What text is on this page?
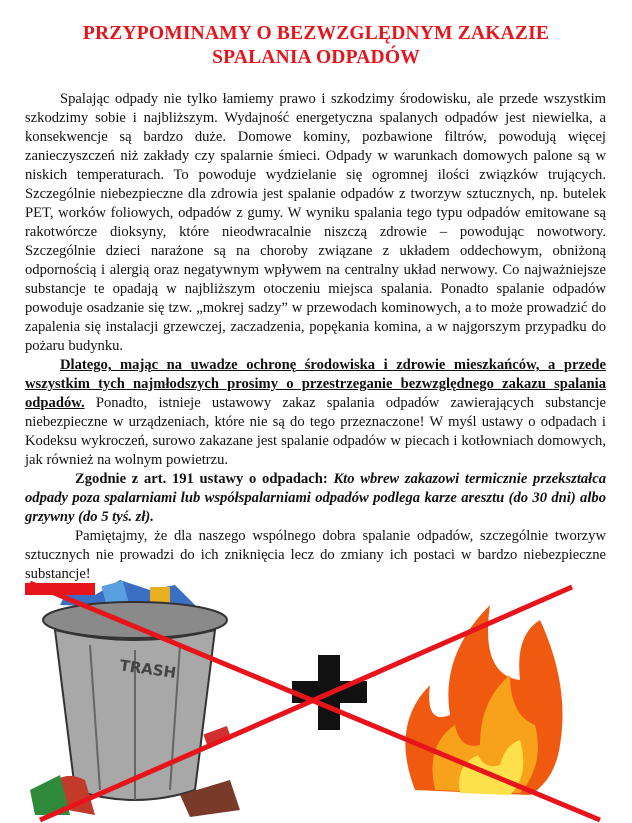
PRZYPOMINAMY O BEZWZGLĘDNYM ZAKAZIE
SPALANIA ODPADÓW

Spalając odpady nie tylko łamiemy prawo i szkodzimy środowisku, ale przede wszystkim szkodzimy sobie i najbliższym. Wydajność energetyczna spalanych odpadów jest niewielka, a konsekwencje są bardzo duże. Domowe kominy, pozbawione filtrów, powodują więcej zanieczyszczeń niż zakłady czy spalarnie śmieci. Odpady w warunkach domowych palone są w niskich temperaturach. To powoduje wydzielanie się ogromnej ilości związków trujących. Szczególnie niebezpieczne dla zdrowia jest spalanie odpadów z tworzyw sztucznych, np. butelek PET, worków foliowych, odpadów z gumy. W wyniku spalania tego typu odpadów emitowane są rakotwórcze dioksyny, które nieodwracalnie niszczą zdrowie – powodując nowotwory. Szczególnie dzieci narażone są na choroby związane z układem oddechowym, obniżoną odpornością i alergią oraz negatywnym wpływem na centralny układ nerwowy. Co najważniejsze substancje te opadają w najbliższym otoczeniu miejsca spalania. Ponadto spalanie odpadów powoduje osadzanie się tzw. „mokrej sadzy” w przewodach kominowych, a to może prowadzić do zapalenia się instalacji grzewczej, zaczadzenia, popękania komina, a w najgorszym przypadku do pożaru budynku.

Dlatego, mając na uwadze ochronę środowiska i zdrowie mieszkańców, a przede wszystkim tych najmłodszych prosimy o przestrzeganie bezwzględnego zakazu spalania odpadów. Ponadto, istnieje ustawowy zakaz spalania odpadów zawierających substancje niebezpieczne w urządzeniach, które nie są do tego przeznaczone! W myśl ustawy o odpadach i Kodeksu wykroczeń, surowo zakazane jest spalanie odpadów w piecach i kotłowniach domowych, jak również na wolnym powietrzu.

Zgodnie z art. 191 ustawy o odpadach: Kto wbrew zakazowi termicznie przekształca odpady poza spalarniami lub współspalarniami odpadów podlega karze aresztu (do 30 dni) albo grzywny (do 5 tyś. zł).

Pamiętajmy, że dla naszego wspólnego dobra spalanie odpadów, szczególnie tworzyw sztucznych nie prowadzi do ich zniknięcia lecz do zmiany ich postaci w bardzo niebezpieczne substancje!

TRASH
